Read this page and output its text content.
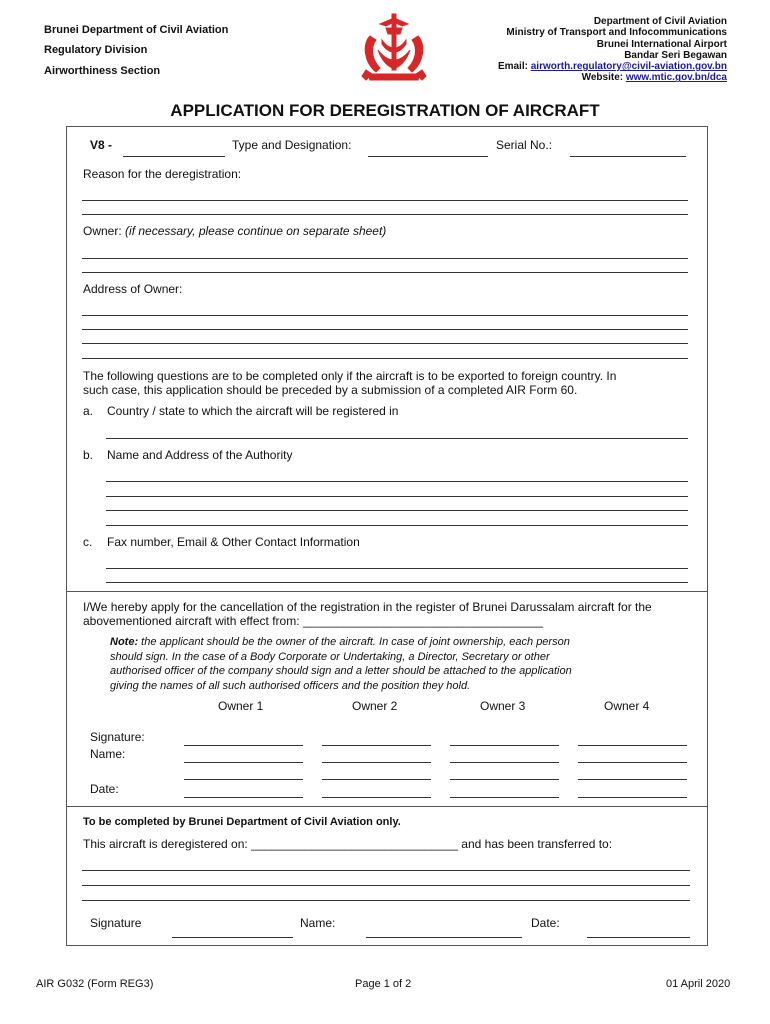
Brunei Department of Civil Aviation
Regulatory Division
Airworthiness Section
Department of Civil Aviation
Ministry of Transport and Infocommunications
Brunei International Airport
Bandar Seri Begawan
Email: airworth.regulatory@civil-aviation.gov.bn
Website: www.mtic.gov.bn/dca
APPLICATION FOR DEREGISTRATION OF AIRCRAFT
V8 -	Type and Designation:	Serial No.:
Reason for the deregistration:
Owner: (if necessary, please continue on separate sheet)
Address of Owner:
The following questions are to be completed only if the aircraft is to be exported to foreign country. In
such case, this application should be preceded by a submission of a completed AIR Form 60.
a. Country / state to which the aircraft will be registered in
b. Name and Address of the Authority
c. Fax number, Email & Other Contact Information
I/We hereby apply for the cancellation of the registration in the register of Brunei Darussalam aircraft for the
abovementioned aircraft with effect from: ____________________________________
Note: the applicant should be the owner of the aircraft. In case of joint ownership, each person
should sign. In the case of a Body Corporate or Undertaking, a Director, Secretary or other
authorised officer of the company should sign and a letter should be attached to the application
giving the names of all such authorised officers and the position they hold.
Owner 1	Owner 2	Owner 3	Owner 4
Signature:
Name:
Date:
To be completed by Brunei Department of Civil Aviation only.
This aircraft is deregistered on: _______________________________ and has been transferred to:
Signature	Name:	Date:
AIR G032 (Form REG3)	Page 1 of 2	01 April 2020
